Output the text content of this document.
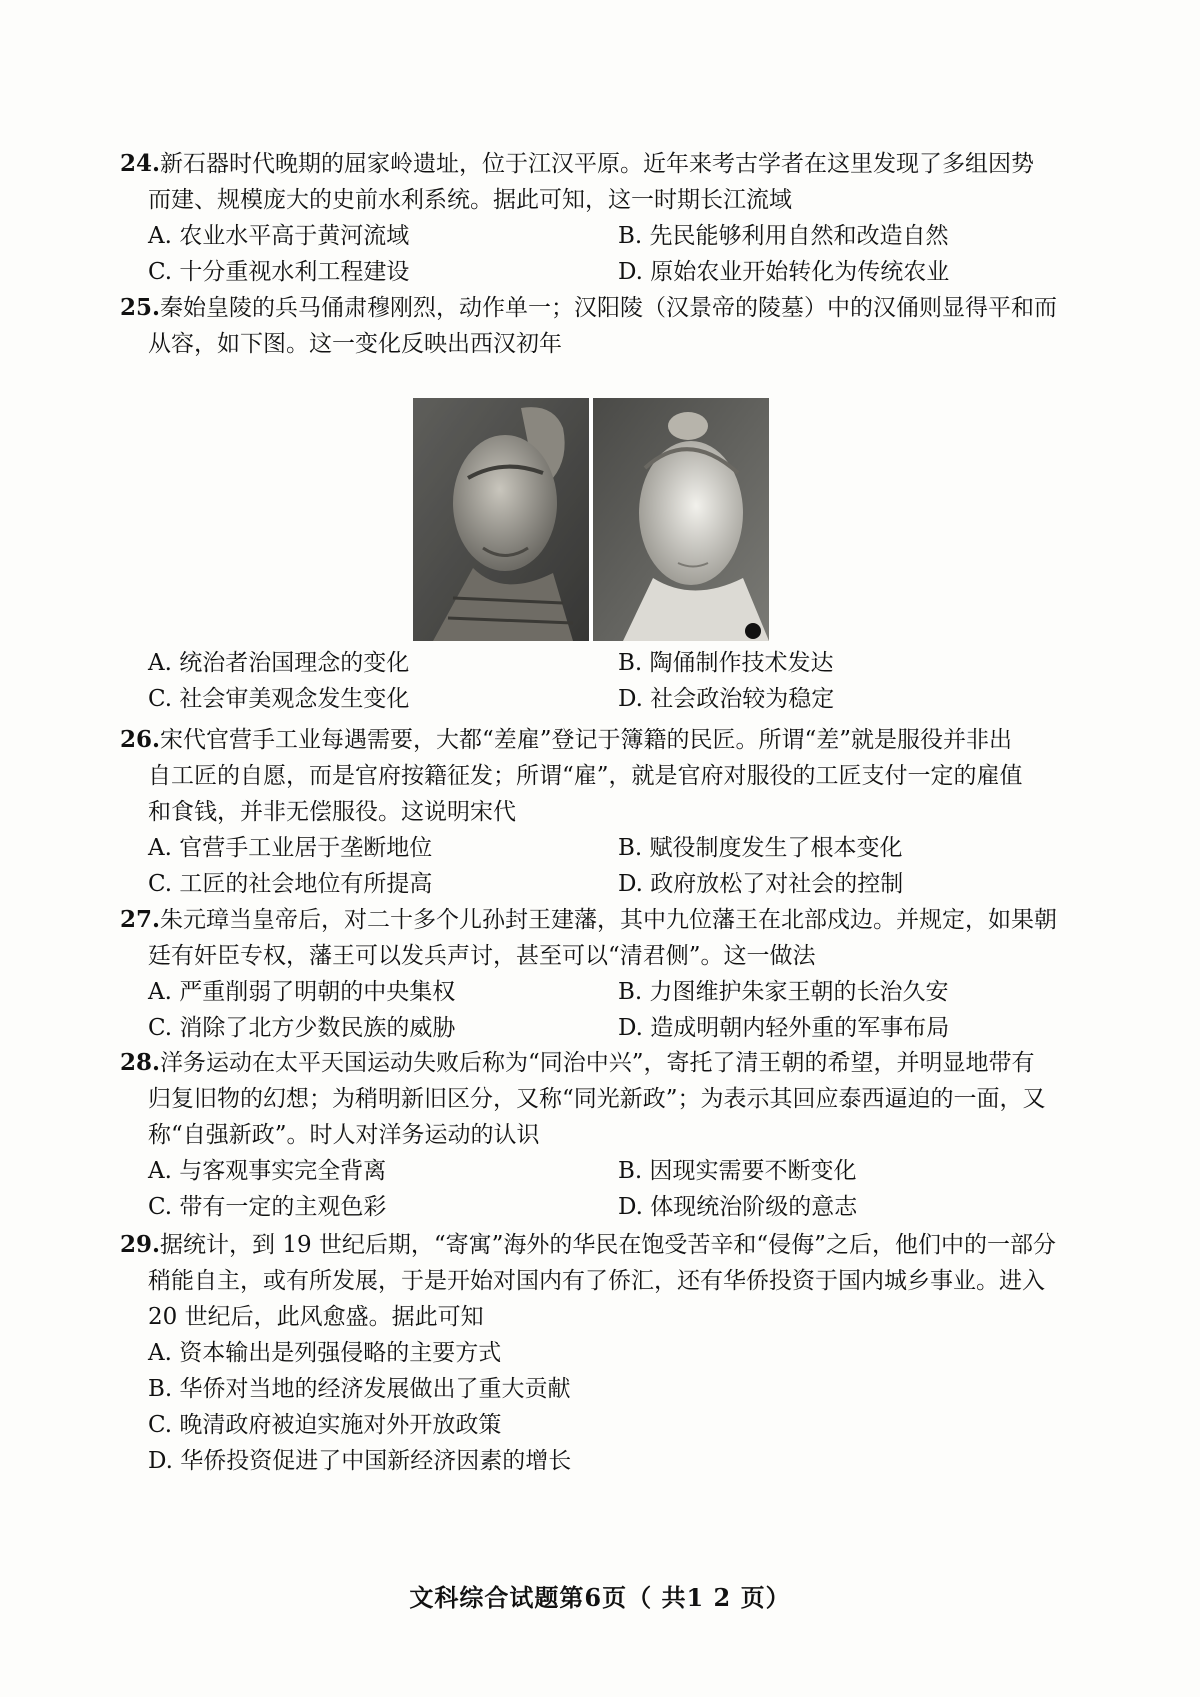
24.新石器时代晚期的屈家岭遗址，位于江汉平原。近年来考古学者在这里发现了多组因势
而建、规模庞大的史前水利系统。据此可知，这一时期长江流域

A. 农业水平高于黄河流域	B. 先民能够利用自然和改造自然
C. 十分重视水利工程建设	D. 原始农业开始转化为传统农业

25.秦始皇陵的兵马俑肃穆刚烈，动作单一；汉阳陵（汉景帝的陵墓）中的汉俑则显得平和而
从容，如下图。这一变化反映出西汉初年

A. 统治者治国理念的变化	B. 陶俑制作技术发达
C. 社会审美观念发生变化	D. 社会政治较为稳定

26.宋代官营手工业每遇需要，大都“差雇”登记于簿籍的民匠。所谓“差”就是服役并非出
自工匠的自愿，而是官府按籍征发；所谓“雇”，就是官府对服役的工匠支付一定的雇值
和食钱，并非无偿服役。这说明宋代

A. 官营手工业居于垄断地位	B. 赋役制度发生了根本变化
C. 工匠的社会地位有所提高	D. 政府放松了对社会的控制

27.朱元璋当皇帝后，对二十多个儿孙封王建藩，其中九位藩王在北部戍边。并规定，如果朝
廷有奸臣专权，藩王可以发兵声讨，甚至可以“清君侧”。这一做法

A. 严重削弱了明朝的中央集权	B. 力图维护朱家王朝的长治久安
C. 消除了北方少数民族的威胁	D. 造成明朝内轻外重的军事布局

28.洋务运动在太平天国运动失败后称为“同治中兴”，寄托了清王朝的希望，并明显地带有
归复旧物的幻想；为稍明新旧区分，又称“同光新政”；为表示其回应泰西逼迫的一面，又
称“自强新政”。时人对洋务运动的认识

A. 与客观事实完全背离	B. 因现实需要不断变化
C. 带有一定的主观色彩	D. 体现统治阶级的意志

29.据统计，到 19 世纪后期，“寄寓”海外的华民在饱受苦辛和“侵侮”之后，他们中的一部分
稍能自主，或有所发展，于是开始对国内有了侨汇，还有华侨投资于国内城乡事业。进入
20 世纪后，此风愈盛。据此可知

A. 资本输出是列强侵略的主要方式
B. 华侨对当地的经济发展做出了重大贡献
C. 晚清政府被迫实施对外开放政策
D. 华侨投资促进了中国新经济因素的增长
文科综合试题第6页（ 共1 2 页）
